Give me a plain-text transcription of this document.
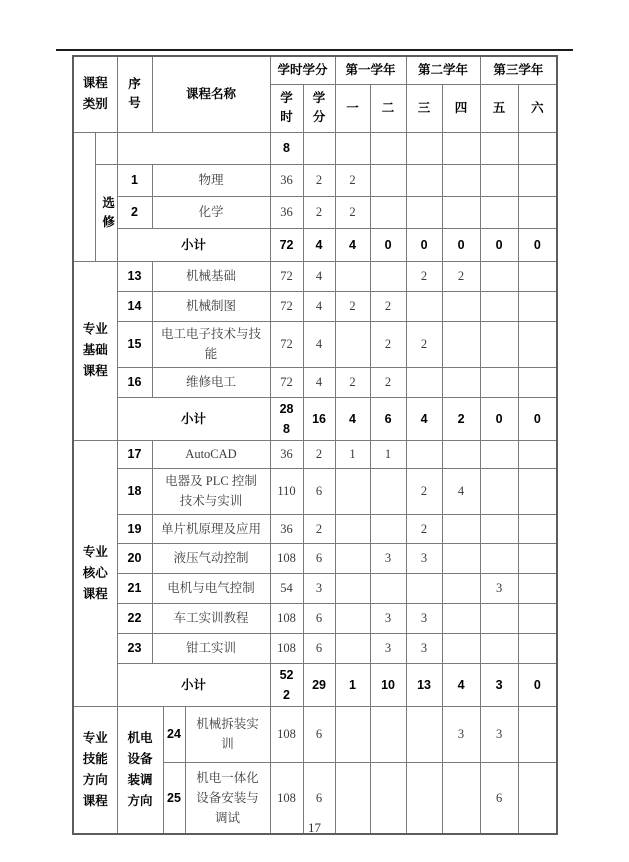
课程类别		序号	课程名称			学时学分		第一学年		第二学年		第三学年	
						学时	学分	一	二	三	四	五	六
						8							
	选修	1	物理			36	2	2					
		2	化学			36	2	2					
		小计				72	4	4	0	0	0	0	0
专业基础课程		13	机械基础			72	4			2	2		
		14	机械制图			72	4	2	2				
		15	电工电子技术与技能			72	4		2	2			
		16	维修电工			72	4	2	2				
		小计				288	16	4	6	4	2	0	0
专业核心课程		17	AutoCAD			36	2	1	1				
		18	电器及 PLC 控制技术与实训			110	6			2	4		
		19	单片机原理及应用			36	2			2			
		20	液压气动控制			108	6		3	3			
		21	电机与电气控制			54	3					3	
		22	车工实训教程			108	6		3	3			
		23	钳工实训			108	6		3	3			
		小计				522	29	1	10	13	4	3	0
专业技能方向课程		机电设备装调方向		24	机械拆装实训	108	6				3	3	
				25	机电一体化设备安装与调试	108	6					6	
17
